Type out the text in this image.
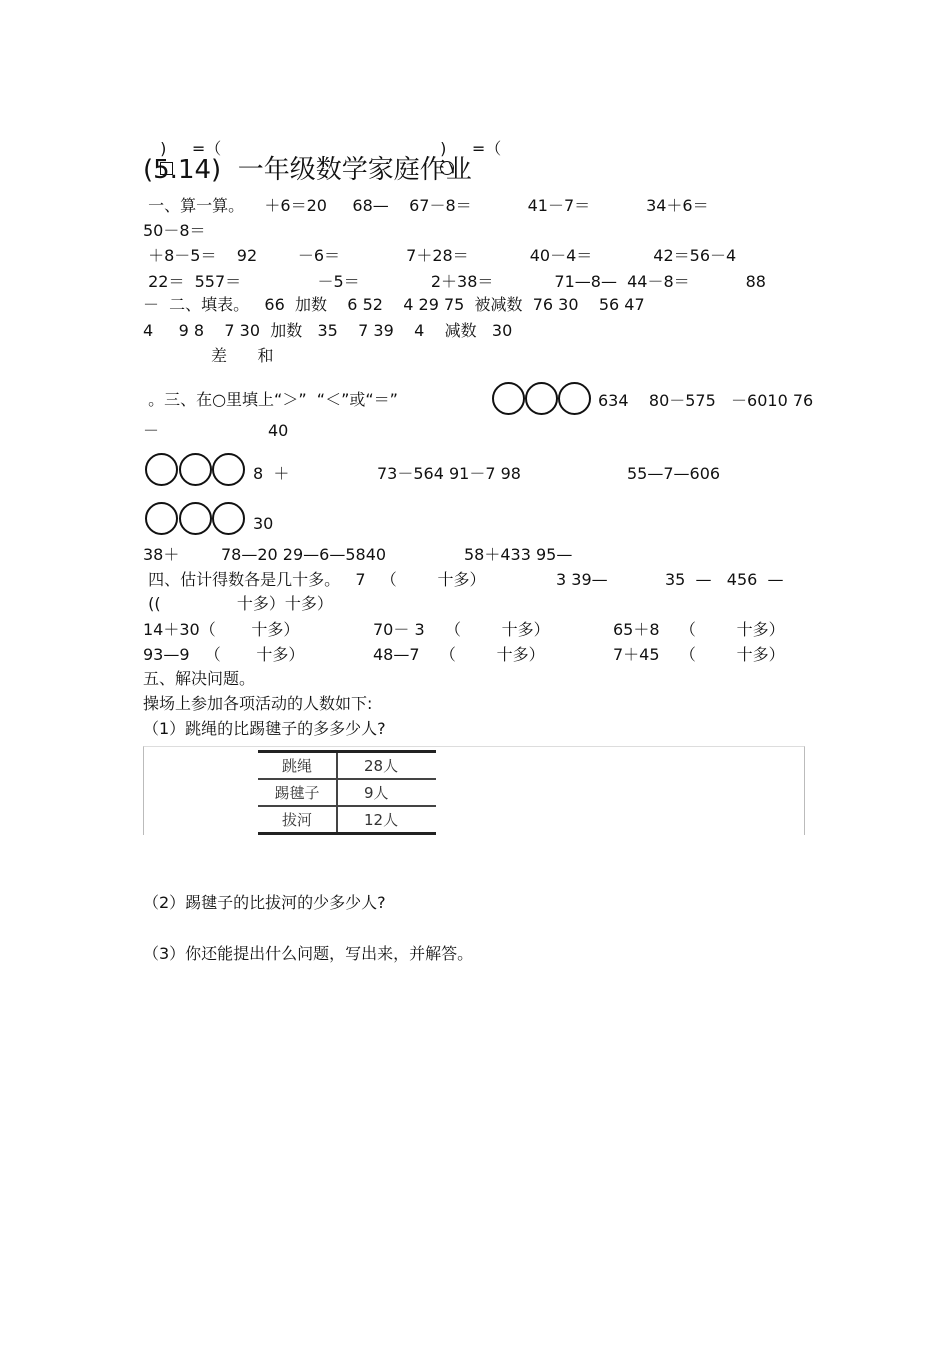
)     =（
	)     =（

(5.14)  一年级数学家庭作业
一、算一算。    ＋6＝20     68—    67－8＝           41－7＝           34＋6＝
50－8＝
＋8－5＝    92        －6＝             7＋28＝            40－4＝            42＝56－4
22＝  557＝               －5＝              2＋38＝            71—8—  44－8＝           88
－  二、填表。   66  加数    6 52    4 29 75  被减数  76 30    56 47
4     9 8    7 30  加数   35    7 39    4    减数   30
差      和
。三、在○里填上“＞”  “＜”或“＝”	634    80－575   －6010 76
－	40
8  ＋	73－564 91－7 98	55—7—606
30
38＋	78—20 29—6—5840	58＋433 95—
四、估计得数各是几十多。   7   （        十多）	3 39—	35  —   456  —
((               十多）十多）
14＋30（       十多）	70－ 3    （        十多）	65＋8    （        十多）
93—9   （       十多）	48—7    （        十多）	7＋45    （        十多）
五、解决问题。
操场上参加各项活动的人数如下:
（1）跳绳的比踢毽子的多多少人?
跳绳	28人
踢毽子	9人
拔河	12人
（2）踢毽子的比拔河的少多少人?
（3）你还能提出什么问题，写出来，并解答。
